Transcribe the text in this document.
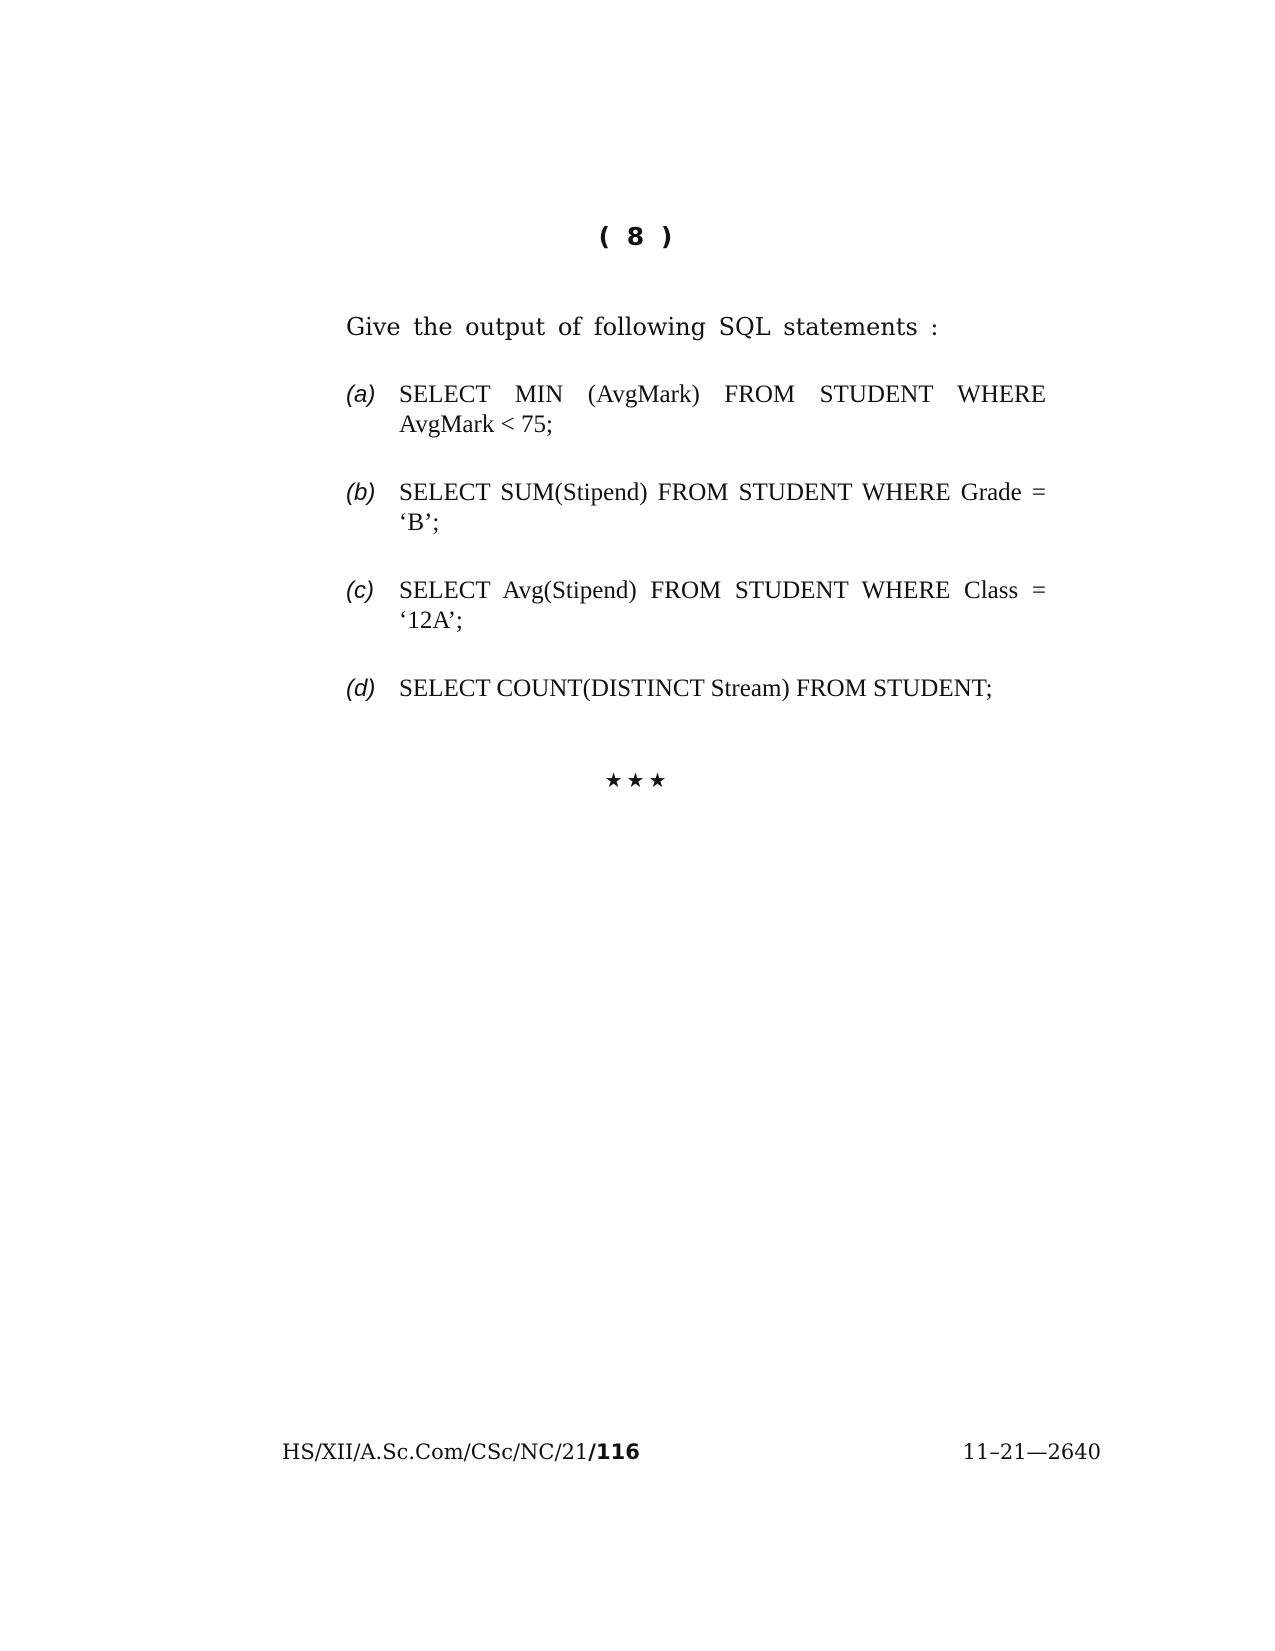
( 8 )
Give the output of following SQL statements :
(a) SELECT MIN (AvgMark) FROM STUDENT WHERE AvgMark < 75;
(b) SELECT SUM(Stipend) FROM STUDENT WHERE Grade = ‘B’;
(c)	SELECT Avg(Stipend) FROM STUDENT WHERE Class = ‘12A’;
(d) SELECT COUNT(DISTINCT Stream) FROM STUDENT;
★★★
HS/XII/A.Sc.Com/CSc/NC/21/116	11–21—2640
